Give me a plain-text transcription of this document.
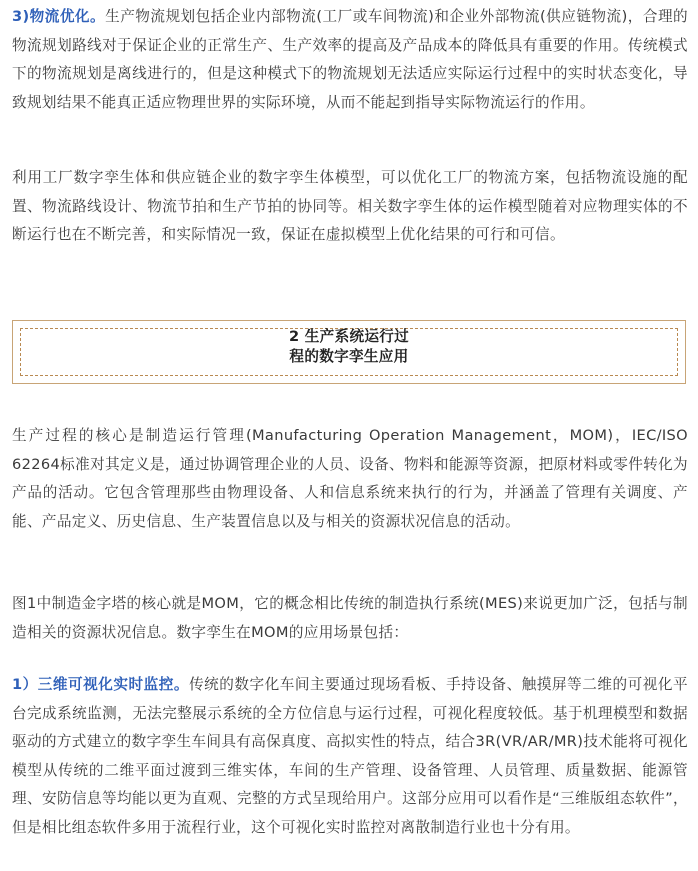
3)物流优化。生产物流规划包括企业内部物流(工厂或车间物流)和企业外部物流(供应链物流)，合理的物流规划路线对于保证企业的正常生产、生产效率的提高及产品成本的降低具有重要的作用。传统模式下的物流规划是离线进行的，但是这种模式下的物流规划无法适应实际运行过程中的实时状态变化，导致规划结果不能真正适应物理世界的实际环境，从而不能起到指导实际物流运行的作用。

利用工厂数字孪生体和供应链企业的数字孪生体模型，可以优化工厂的物流方案，包括物流设施的配置、物流路线设计、物流节拍和生产节拍的协同等。相关数字孪生体的运作模型随着对应物理实体的不断运行也在不断完善，和实际情况一致，保证在虚拟模型上优化结果的可行和可信。

2 生产系统运行过
程的数字孪生应用

生产过程的核心是制造运行管理(Manufacturing Operation Management，MOM)，IEC/ISO 62264标准对其定义是，通过协调管理企业的人员、设备、物料和能源等资源，把原材料或零件转化为产品的活动。它包含管理那些由物理设备、人和信息系统来执行的行为，并涵盖了管理有关调度、产能、产品定义、历史信息、生产装置信息以及与相关的资源状况信息的活动。

图1中制造金字塔的核心就是MOM，它的概念相比传统的制造执行系统(MES)来说更加广泛，包括与制造相关的资源状况信息。数字孪生在MOM的应用场景包括：

1）三维可视化实时监控。传统的数字化车间主要通过现场看板、手持设备、触摸屏等二维的可视化平台完成系统监测，无法完整展示系统的全方位信息与运行过程，可视化程度较低。基于机理模型和数据驱动的方式建立的数字孪生车间具有高保真度、高拟实性的特点，结合3R(VR/AR/MR)技术能将可视化模型从传统的二维平面过渡到三维实体，车间的生产管理、设备管理、人员管理、质量数据、能源管理、安防信息等均能以更为直观、完整的方式呈现给用户。这部分应用可以看作是“三维版组态软件”，但是相比组态软件多用于流程行业，这个可视化实时监控对离散制造行业也十分有用。
